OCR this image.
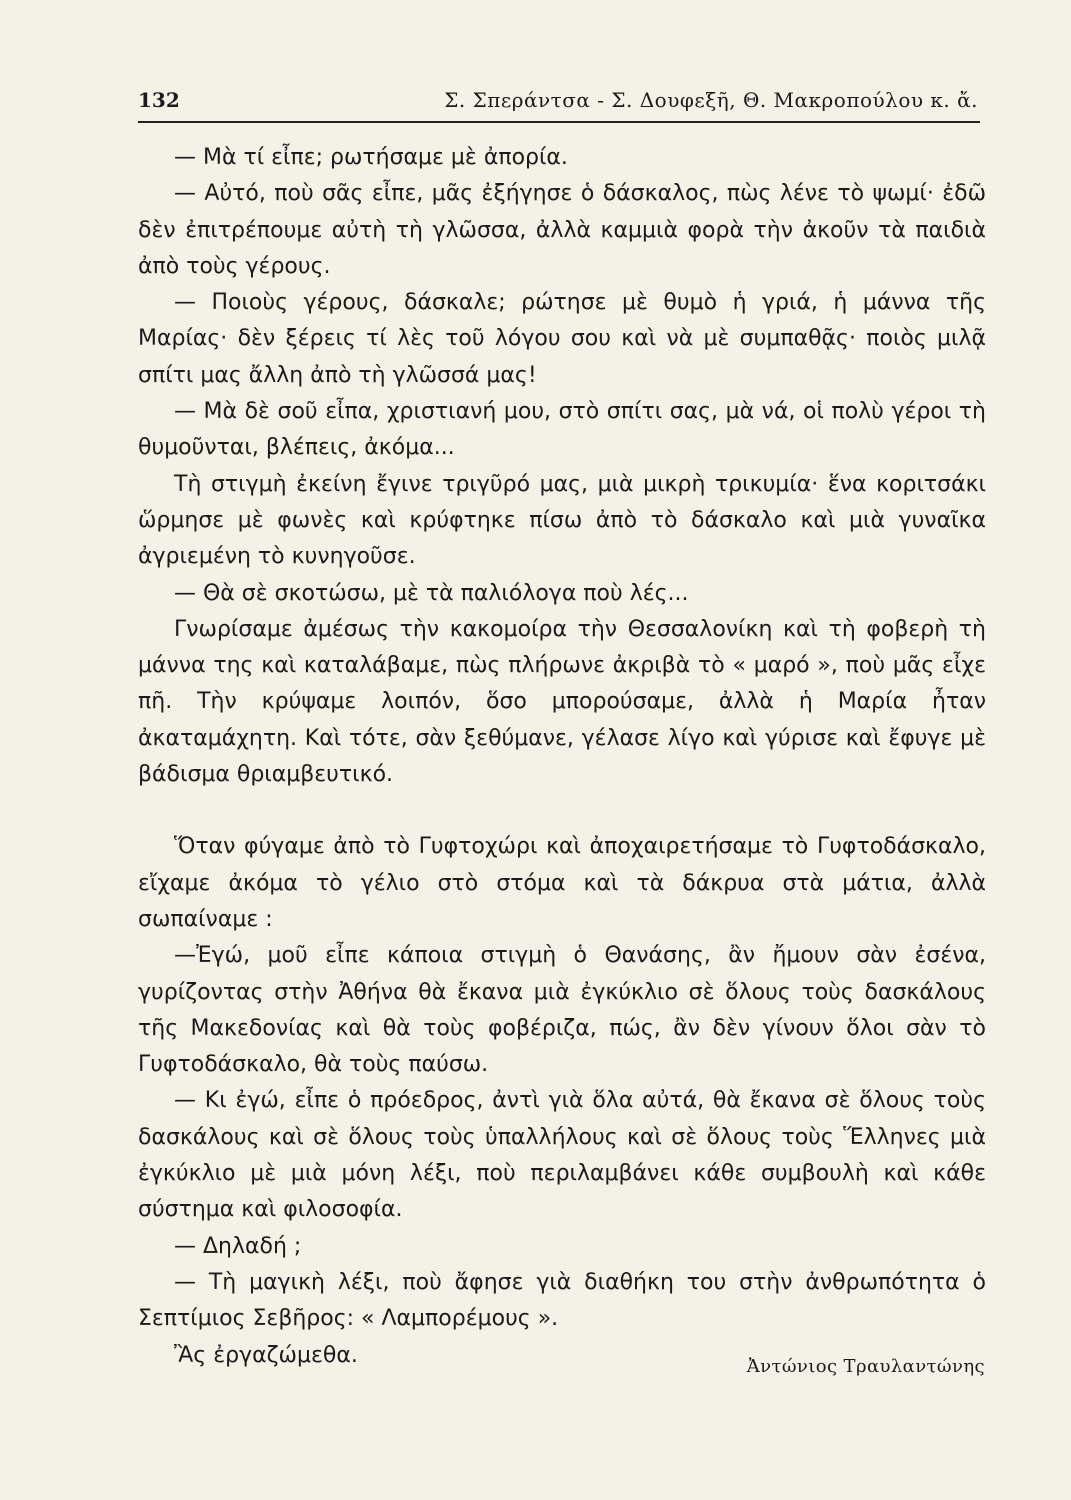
132	Σ. Σπεράντσα - Σ. Δουφεξῆ, Θ. Μακροπούλου κ. ἄ.

— Μὰ τί εἶπε; ρωτήσαμε μὲ ἀπορία.

— Αὐτό, ποὺ σᾶς εἶπε, μᾶς ἐξήγησε ὁ δάσκαλος, πὼς λένε τὸ ψωμί· ἐδῶ δὲν ἐπιτρέπουμε αὐτὴ τὴ γλῶσσα, ἀλλὰ καμμιὰ φορὰ τὴν ἀκοῦν τὰ παιδιὰ ἀπὸ τοὺς γέρους.

— Ποιοὺς γέρους, δάσκαλε; ρώτησε μὲ θυμὸ ἡ γριά, ἡ μάννα τῆς Μαρίας· δὲν ξέρεις τί λὲς τοῦ λόγου σου καὶ νὰ μὲ συμπαθᾷς· ποιὸς μιλᾷ σπίτι μας ἄλλη ἀπὸ τὴ γλῶσσά μας!

— Μὰ δὲ σοῦ εἶπα, χριστιανή μου, στὸ σπίτι σας, μὰ νά, οἱ πολὺ γέροι τὴ θυμοῦνται, βλέπεις, ἀκόμα...

Τὴ στιγμὴ ἐκείνη ἔγινε τριγῦρό μας, μιὰ μικρὴ τρικυμία· ἕνα κοριτσάκι ὥρμησε μὲ φωνὲς καὶ κρύφτηκε πίσω ἀπὸ τὸ δάσκαλο καὶ μιὰ γυναῖκα ἀγριεμένη τὸ κυνηγοῦσε.

— Θὰ σὲ σκοτώσω, μὲ τὰ παλιόλογα ποὺ λές...

Γνωρίσαμε ἀμέσως τὴν κακομοίρα τὴν Θεσσαλονίκη καὶ τὴ φοβερὴ τὴ μάννα της καὶ καταλάβαμε, πὼς πλήρωνε ἀκριβὰ τὸ « μαρό », ποὺ μᾶς εἶχε πῆ. Τὴν κρύψαμε λοιπόν, ὅσο μπορούσαμε, ἀλλὰ ἡ Μαρία ἦταν ἀκαταμάχητη. Καὶ τότε, σὰν ξεθύμανε, γέλασε λίγο καὶ γύρισε καὶ ἔφυγε μὲ βάδισμα θριαμβευτικό.

Ὅταν φύγαμε ἀπὸ τὸ Γυφτοχώρι καὶ ἀποχαιρετήσαμε τὸ Γυφτοδάσκαλο, εἴχαμε ἀκόμα τὸ γέλιο στὸ στόμα καὶ τὰ δάκρυα στὰ μάτια, ἀλλὰ σωπαίναμε :

—Ἐγώ, μοῦ εἶπε κάποια στιγμὴ ὁ Θανάσης, ἂν ἤμουν σὰν ἐσένα, γυρίζοντας στὴν Ἀθήνα θὰ ἔκανα μιὰ ἐγκύκλιο σὲ ὅλους τοὺς δασκάλους τῆς Μακεδονίας καὶ θὰ τοὺς φοβέριζα, πώς, ἂν δὲν γίνουν ὅλοι σὰν τὸ Γυφτοδάσκαλο, θὰ τοὺς παύσω.

— Κι ἐγώ, εἶπε ὁ πρόεδρος, ἀντὶ γιὰ ὅλα αὐτά, θὰ ἔκανα σὲ ὅλους τοὺς δασκάλους καὶ σὲ ὅλους τοὺς ὑπαλλήλους καὶ σὲ ὅλους τοὺς Ἕλληνες μιὰ ἐγκύκλιο μὲ μιὰ μόνη λέξι, ποὺ περιλαμβάνει κάθε συμβουλὴ καὶ κάθε σύστημα καὶ φιλοσοφία.

— Δηλαδή ;

— Τὴ μαγικὴ λέξι, ποὺ ἄφησε γιὰ διαθήκη του στὴν ἀνθρωπότητα ὁ Σεπτίμιος Σεβῆρος: « Λαμπορέμους ».

Ἂς ἐργαζώμεθα.	Ἀντώνιος Τραυλαντώνης
